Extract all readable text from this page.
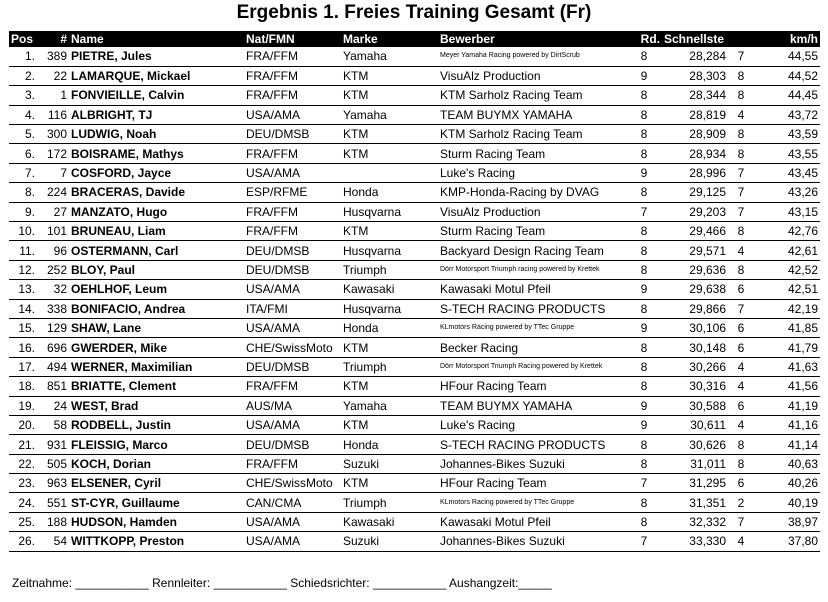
Ergebnis 1. Freies Training Gesamt (Fr)
Pos	#	Name	Nat/FMN	Marke	Bewerber	Rd.	Schnellste		km/h
1.	389	PIETRE, Jules	FRA/FFM	Yamaha	Meyer Yamaha Racing powered by DirtScrub	8	28,284	7	44,55
2.	22	LAMARQUE, Mickael	FRA/FFM	KTM	VisuAlz Production	9	28,303	8	44,52
3.	1	FONVIEILLE, Calvin	FRA/FFM	KTM	KTM Sarholz Racing Team	8	28,344	8	44,45
4.	116	ALBRIGHT, TJ	USA/AMA	Yamaha	TEAM BUYMX YAMAHA	8	28,819	4	43,72
5.	300	LUDWIG, Noah	DEU/DMSB	KTM	KTM Sarholz Racing Team	8	28,909	8	43,59
6.	172	BOISRAME, Mathys	FRA/FFM	KTM	Sturm Racing Team	8	28,934	8	43,55
7.	7	COSFORD, Jayce	USA/AMA		Luke's Racing	9	28,996	7	43,45
8.	224	BRACERAS, Davide	ESP/RFME	Honda	KMP-Honda-Racing by DVAG	8	29,125	7	43,26
9.	27	MANZATO, Hugo	FRA/FFM	Husqvarna	VisuAlz Production	7	29,203	7	43,15
10.	101	BRUNEAU, Liam	FRA/FFM	KTM	Sturm Racing Team	8	29,466	8	42,76
11.	96	OSTERMANN, Carl	DEU/DMSB	Husqvarna	Backyard Design Racing Team	8	29,571	4	42,61
12.	252	BLOY, Paul	DEU/DMSB	Triumph	Dörr Motorsport Triumph racing powered by Krettek	8	29,636	8	42,52
13.	32	OEHLHOF, Leum	USA/AMA	Kawasaki	Kawasaki Motul Pfeil	9	29,638	6	42,51
14.	338	BONIFACIO, Andrea	ITA/FMI	Husqvarna	S-TECH RACING PRODUCTS	8	29,866	7	42,19
15.	129	SHAW, Lane	USA/AMA	Honda	KLmotors Racing powered by TTec Gruppe	9	30,106	6	41,85
16.	696	GWERDER, Mike	CHE/SwissMoto	KTM	Becker Racing	8	30,148	6	41,79
17.	494	WERNER, Maximilian	DEU/DMSB	Triumph	Dörr Motorsport Triumph Racing powered by Krettek	8	30,266	4	41,63
18.	851	BRIATTE, Clement	FRA/FFM	KTM	HFour Racing Team	8	30,316	4	41,56
19.	24	WEST, Brad	AUS/MA	Yamaha	TEAM BUYMX YAMAHA	9	30,588	6	41,19
20.	58	RODBELL, Justin	USA/AMA	KTM	Luke's Racing	9	30,611	4	41,16
21.	931	FLEISSIG, Marco	DEU/DMSB	Honda	S-TECH RACING PRODUCTS	8	30,626	8	41,14
22.	505	KOCH, Dorian	FRA/FFM	Suzuki	Johannes-Bikes Suzuki	8	31,011	8	40,63
23.	963	ELSENER, Cyril	CHE/SwissMoto	KTM	HFour Racing Team	7	31,295	6	40,26
24.	551	ST-CYR, Guillaume	CAN/CMA	Triumph	KLmotors Racing powered by TTec Gruppe	8	31,351	2	40,19
25.	188	HUDSON, Hamden	USA/AMA	Kawasaki	Kawasaki Motul Pfeil	8	32,332	7	38,97
26.	54	WITTKOPP, Preston	USA/AMA	Suzuki	Johannes-Bikes Suzuki	7	33,330	4	37,80
Zeitnahme: ___________ Rennleiter: ___________ Schiedsrichter: ___________ Aushangzeit:_____
